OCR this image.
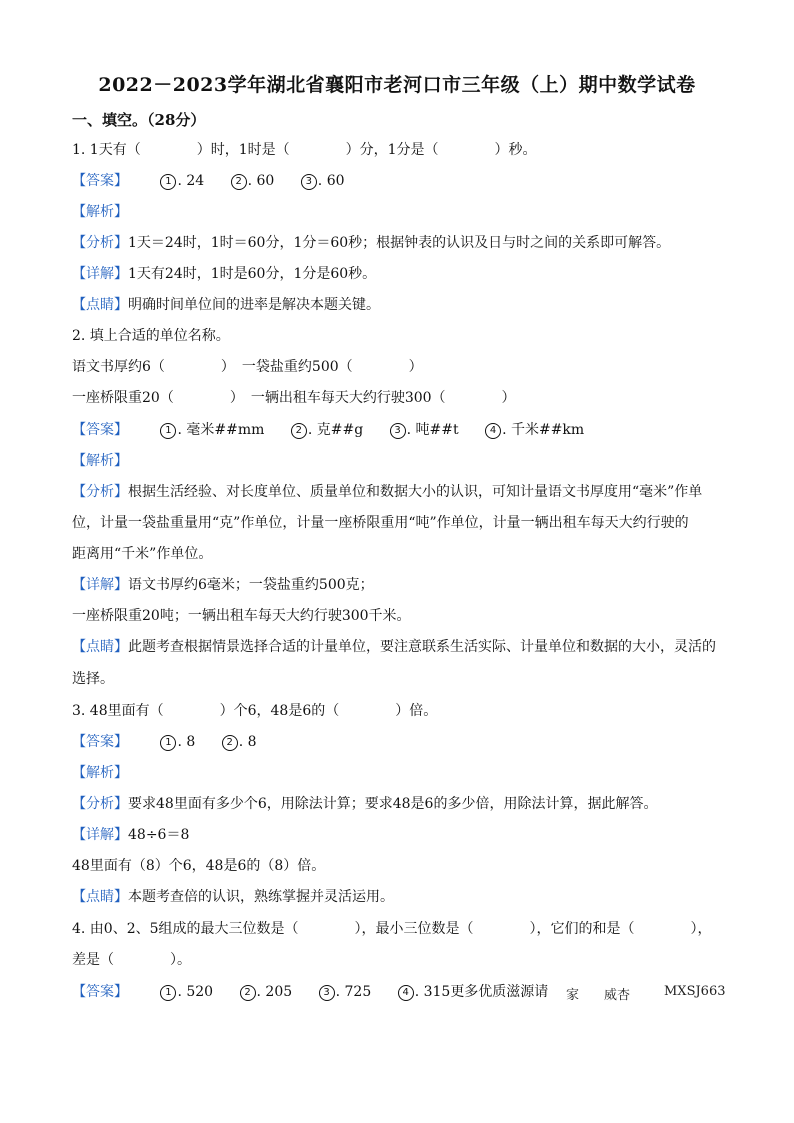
2022－2023学年湖北省襄阳市老河口市三年级（上）期中数学试卷
一、填空。（28分）
1. 1天有（　　　　）时，1时是（　　　　）分，1分是（　　　　）秒。
【答案】	1 . 24	2 . 60	3 . 60
【解析】
【分析】1天＝24时，1时＝60分，1分＝60秒；根据钟表的认识及日与时之间的关系即可解答。
【详解】1天有24时，1时是60分，1分是60秒。
【点睛】明确时间单位间的进率是解决本题关键。
2. 填上合适的单位名称。
语文书厚约6（　　　　）　一袋盐重约500（　　　　）
一座桥限重20（　　　　）　一辆出租车每天大约行驶300（　　　　）
【答案】	1 . 毫米##mm	2 . 克##g	3 . 吨##t	4 . 千米##km
【解析】
【分析】根据生活经验、对长度单位、质量单位和数据大小的认识，可知计量语文书厚度用“毫米”作单
位，计量一袋盐重量用“克”作单位，计量一座桥限重用“吨”作单位，计量一辆出租车每天大约行驶的
距离用“千米”作单位。
【详解】语文书厚约6毫米；一袋盐重约500克；
一座桥限重20吨；一辆出租车每天大约行驶300千米。
【点睛】此题考查根据情景选择合适的计量单位，要注意联系生活实际、计量单位和数据的大小，灵活的
选择。
3. 48里面有（　　　　）个6，48是6的（　　　　）倍。
【答案】	1 . 8	2 . 8
【解析】
【分析】要求48里面有多少个6，用除法计算；要求48是6的多少倍，用除法计算，据此解答。
【详解】48÷6＝8
48里面有（8）个6，48是6的（8）倍。
【点睛】本题考查倍的认识，熟练掌握并灵活运用。
4. 由0、2、5组成的最大三位数是（　　　　），最小三位数是（　　　　），它们的和是（　　　　），
差是（　　　　）。
【答案】	1 . 520	2 . 205	3 . 725	4 . 315更多优质滋源请	家 威杏	MXSJ663
